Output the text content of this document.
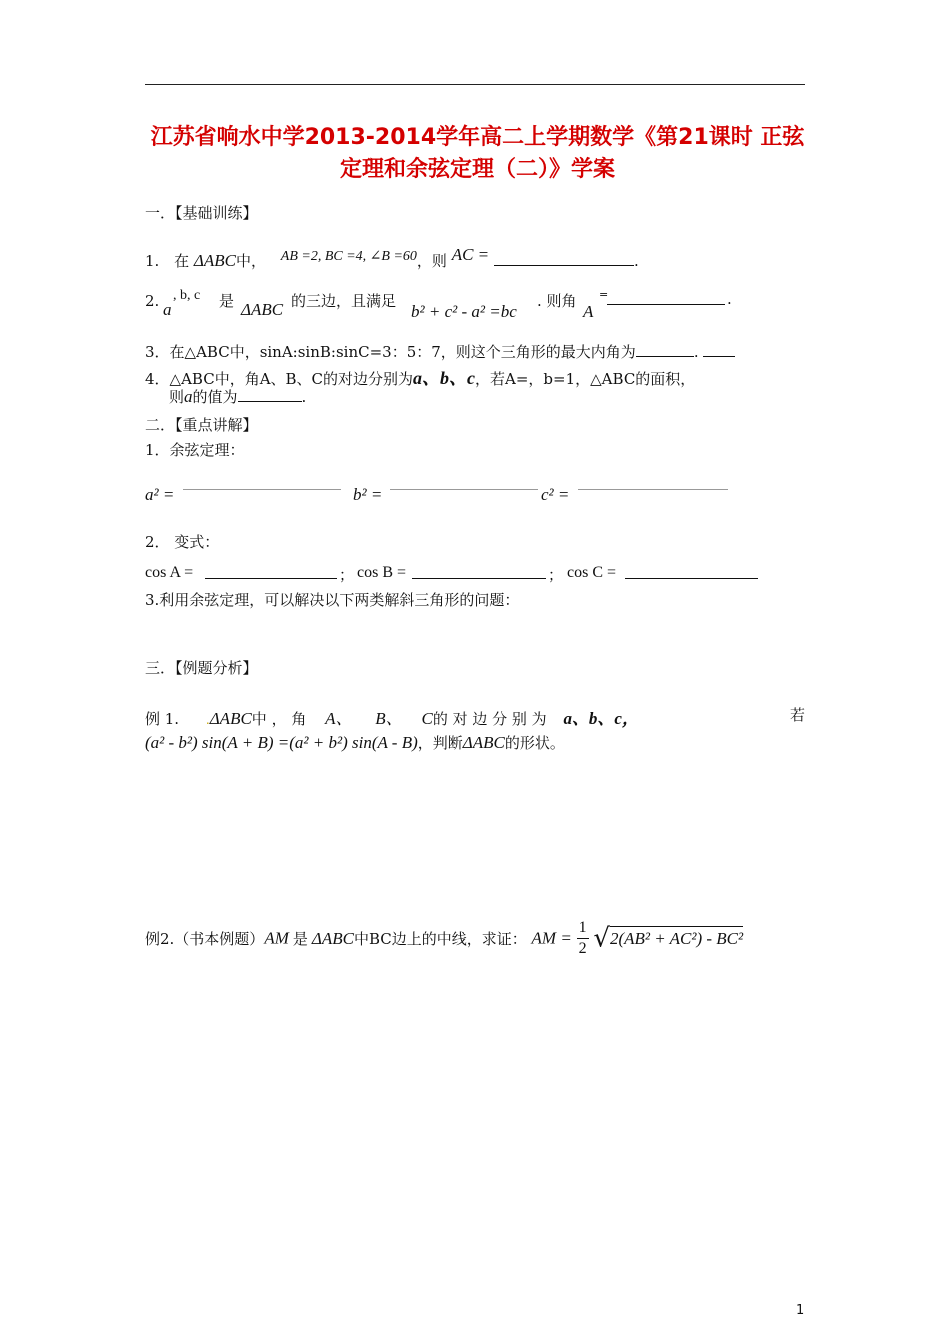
江苏省响水中学2013-2014学年高二上学期数学《第21课时 正弦定理和余弦定理（二）》学案
一．【基础训练】
1. 在 ΔABC中， AB =2, BC =4, ∠B =60，则 AC =	.
2. a
, b, c 是 ΔABC 的三边，且满足
b² + c² - a² =bc
. 则角
A
=	.
3．在△ABC中，sinA:sinB:sinC=3：5：7，则这个三角形的最大内角为	.
4．△ABC中，角A、B、C的对边分别为a、b、c，若A=，b=1，△ABC的面积，
则a的值为	.
二．【重点讲解】
1．余弦定理：
a² =	b² =	c² =
2． 变式：
cos A =	； cos B =	； cos C =
3.利用余弦定理，可以解决以下两类解斜三角形的问题：
三．【例题分析】
例 1. .ΔABC中 ， 角 A、 B、 C的 对 边 分 别 为 a、b、c，	若
(a² - b²) sin(A + B) =(a² + b²) sin(A - B)，判断ΔABC的形状。
例2.（书本例题）AM 是 ΔABC中BC边上的中线，求证： AM = $\frac{1}{2} √2(AB^2 + AC^2) - BC^2$
1
